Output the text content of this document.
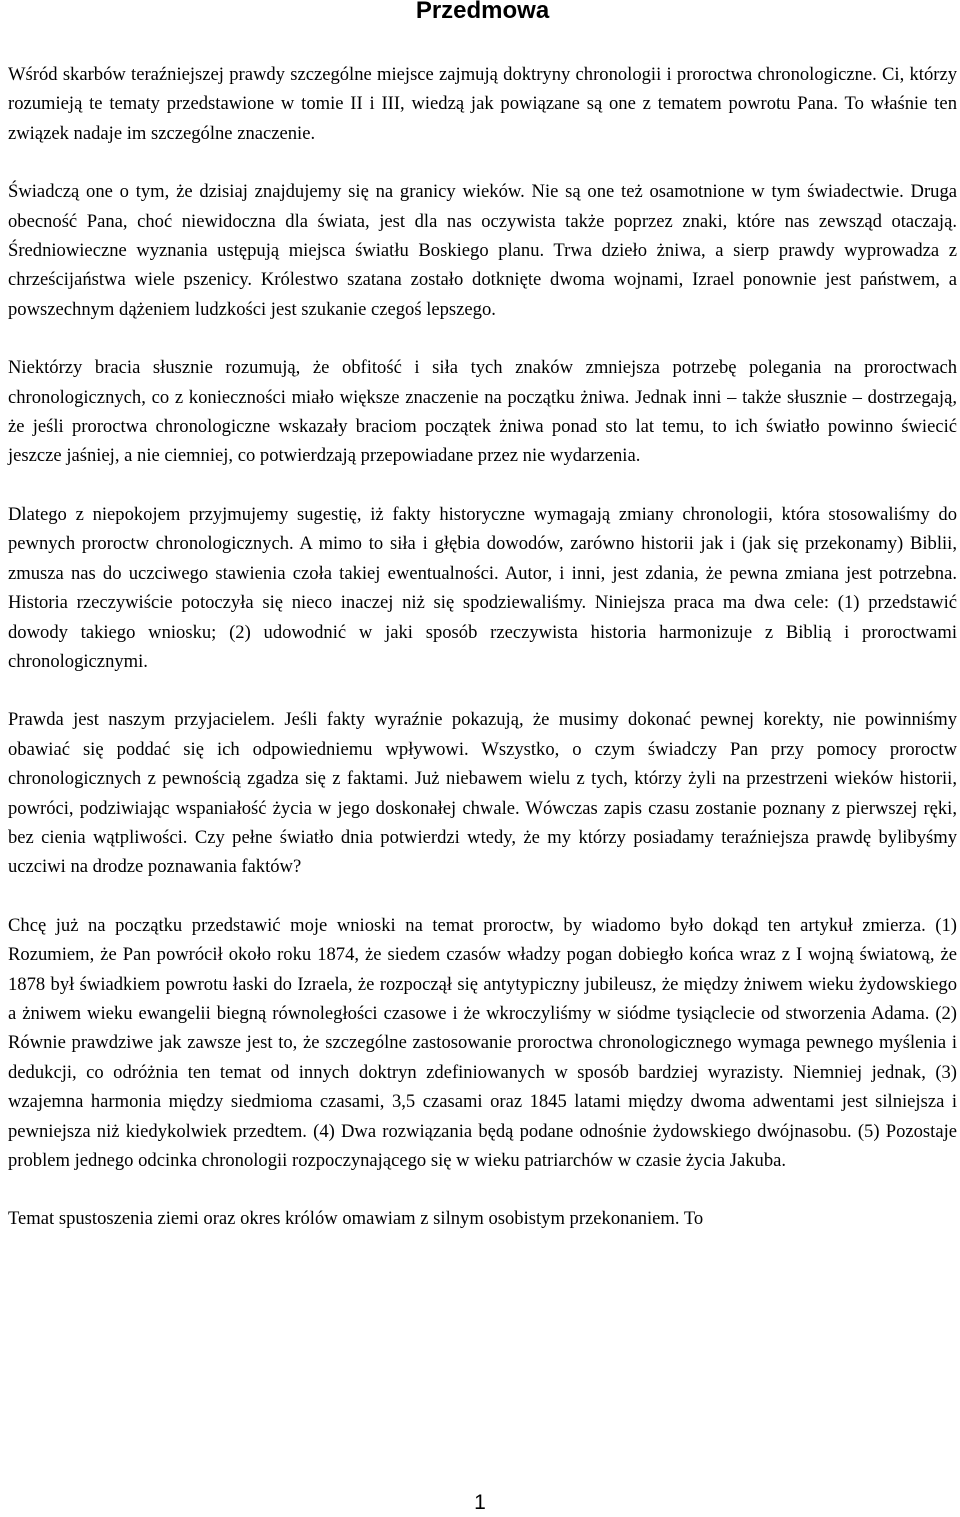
Przedmowa

Wśród skarbów teraźniejszej prawdy szczególne miejsce zajmują doktryny chronologii i proroctwa chronologiczne. Ci, którzy rozumieją te tematy przedstawione w tomie II i III, wiedzą jak powiązane są one z tematem powrotu Pana. To właśnie ten związek nadaje im szczególne znaczenie.

Świadczą one o tym, że dzisiaj znajdujemy się na granicy wieków. Nie są one też osamotnione w tym świadectwie. Druga obecność Pana, choć niewidoczna dla świata, jest dla nas oczywista także poprzez znaki, które nas zewsząd otaczają. Średniowieczne wyznania ustępują miejsca światłu Boskiego planu. Trwa dzieło żniwa, a sierp prawdy wyprowadza z chrześcijaństwa wiele pszenicy. Królestwo szatana zostało dotknięte dwoma wojnami, Izrael ponownie jest państwem, a powszechnym dążeniem ludzkości jest szukanie czegoś lepszego.

Niektórzy bracia słusznie rozumują, że obfitość i siła tych znaków zmniejsza potrzebę polegania na proroctwach chronologicznych, co z konieczności miało większe znaczenie na początku żniwa. Jednak inni – także słusznie – dostrzegają, że jeśli proroctwa chronologiczne wskazały braciom początek żniwa ponad sto lat temu, to ich światło powinno świecić jeszcze jaśniej, a nie ciemniej, co potwierdzają przepowiadane przez nie wydarzenia.

Dlatego z niepokojem przyjmujemy sugestię, iż fakty historyczne wymagają zmiany chronologii, która stosowaliśmy do pewnych proroctw chronologicznych. A mimo to siła i głębia dowodów, zarówno historii jak i (jak się przekonamy) Biblii, zmusza nas do uczciwego stawienia czoła takiej ewentualności. Autor, i inni, jest zdania, że pewna zmiana jest potrzebna. Historia rzeczywiście potoczyła się nieco inaczej niż się spodziewaliśmy. Niniejsza praca ma dwa cele: (1) przedstawić dowody takiego wniosku; (2) udowodnić w jaki sposób rzeczywista historia harmonizuje z Biblią i proroctwami chronologicznymi.

Prawda jest naszym przyjacielem. Jeśli fakty wyraźnie pokazują, że musimy dokonać pewnej korekty, nie powinniśmy obawiać się poddać się ich odpowiedniemu wpływowi. Wszystko, o czym świadczy Pan przy pomocy proroctw chronologicznych z pewnością zgadza się z faktami. Już niebawem wielu z tych, którzy żyli na przestrzeni wieków historii, powróci, podziwiając wspaniałość życia w jego doskonałej chwale. Wówczas zapis czasu zostanie poznany z pierwszej ręki, bez cienia wątpliwości. Czy pełne światło dnia potwierdzi wtedy, że my którzy posiadamy teraźniejsza prawdę bylibyśmy uczciwi na drodze poznawania faktów?

Chcę już na początku przedstawić moje wnioski na temat proroctw, by wiadomo było dokąd ten artykuł zmierza. (1) Rozumiem, że Pan powrócił około roku 1874, że siedem czasów władzy pogan dobiegło końca wraz z I wojną światową, że 1878 był świadkiem powrotu łaski do Izraela, że rozpoczął się antytypiczny jubileusz, że między żniwem wieku żydowskiego a żniwem wieku ewangelii biegną równoległości czasowe i że wkroczyliśmy w siódme tysiąclecie od stworzenia Adama. (2) Równie prawdziwe jak zawsze jest to, że szczególne zastosowanie proroctwa chronologicznego wymaga pewnego myślenia i dedukcji, co odróżnia ten temat od innych doktryn zdefiniowanych w sposób bardziej wyrazisty. Niemniej jednak, (3) wzajemna harmonia między siedmioma czasami, 3,5 czasami oraz 1845 latami między dwoma adwentami jest silniejsza i pewniejsza niż kiedykolwiek przedtem. (4) Dwa rozwiązania będą podane odnośnie żydowskiego dwójnasobu. (5) Pozostaje problem jednego odcinka chronologii rozpoczynającego się w wieku patriarchów w czasie życia Jakuba.

Temat spustoszenia ziemi oraz okres królów omawiam z silnym osobistym przekonaniem. To

1
